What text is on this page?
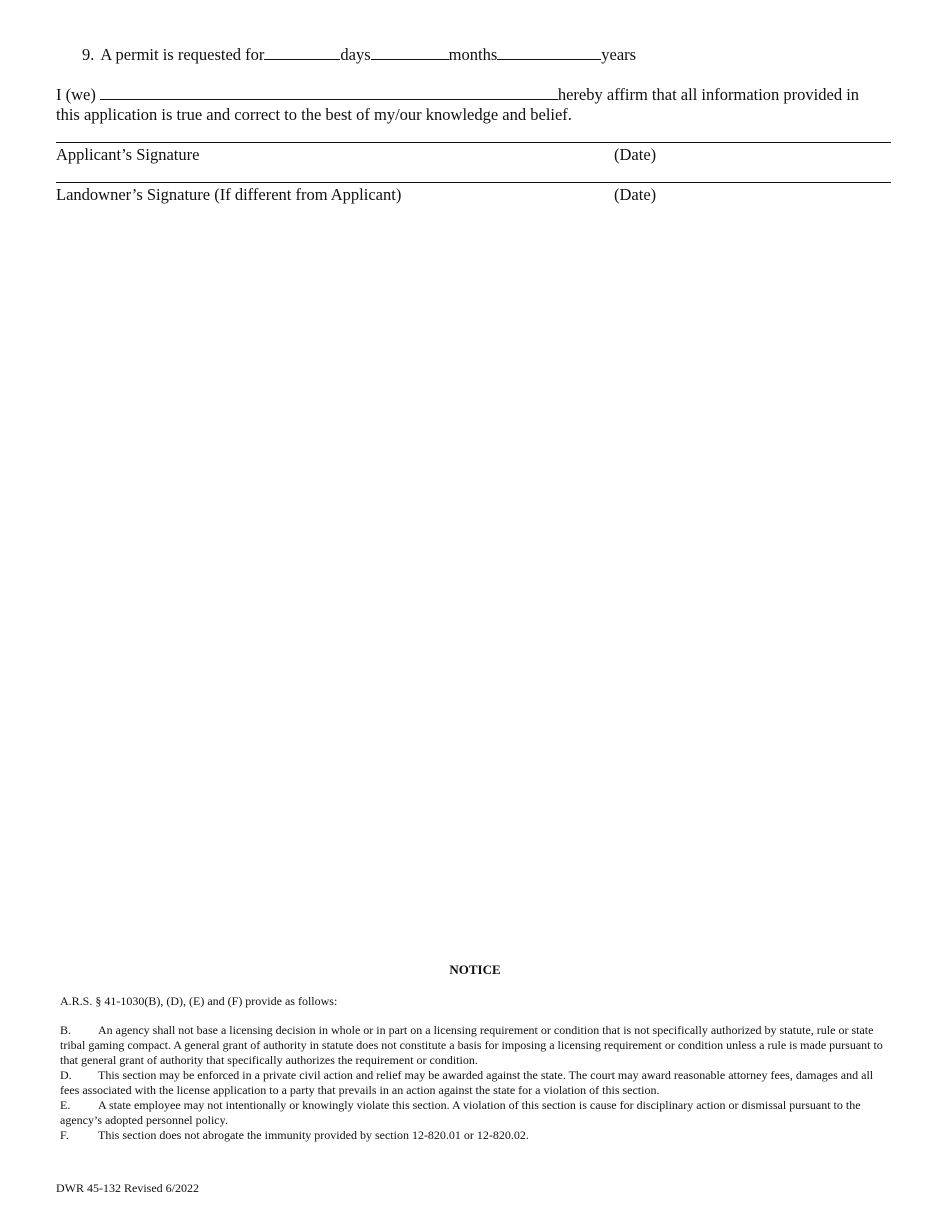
9. A permit is requested for	days	months	years
I (we)	hereby affirm that all information provided in this application is true and correct to the best of my/our knowledge and belief.
Applicant’s Signature	(Date)
Landowner’s Signature (If different from Applicant)	(Date)
NOTICE
A.R.S. § 41-1030(B), (D), (E) and (F) provide as follows:

B. An agency shall not base a licensing decision in whole or in part on a licensing requirement or condition that is not specifically authorized by statute, rule or state tribal gaming compact. A general grant of authority in statute does not constitute a basis for imposing a licensing requirement or condition unless a rule is made pursuant to that general grant of authority that specifically authorizes the requirement or condition.

D. This section may be enforced in a private civil action and relief may be awarded against the state. The court may award reasonable attorney fees, damages and all fees associated with the license application to a party that prevails in an action against the state for a violation of this section.

E. A state employee may not intentionally or knowingly violate this section. A violation of this section is cause for disciplinary action or dismissal pursuant to the agency’s adopted personnel policy.

F. This section does not abrogate the immunity provided by section 12-820.01 or 12-820.02.

DWR 45-132 Revised 6/2022
